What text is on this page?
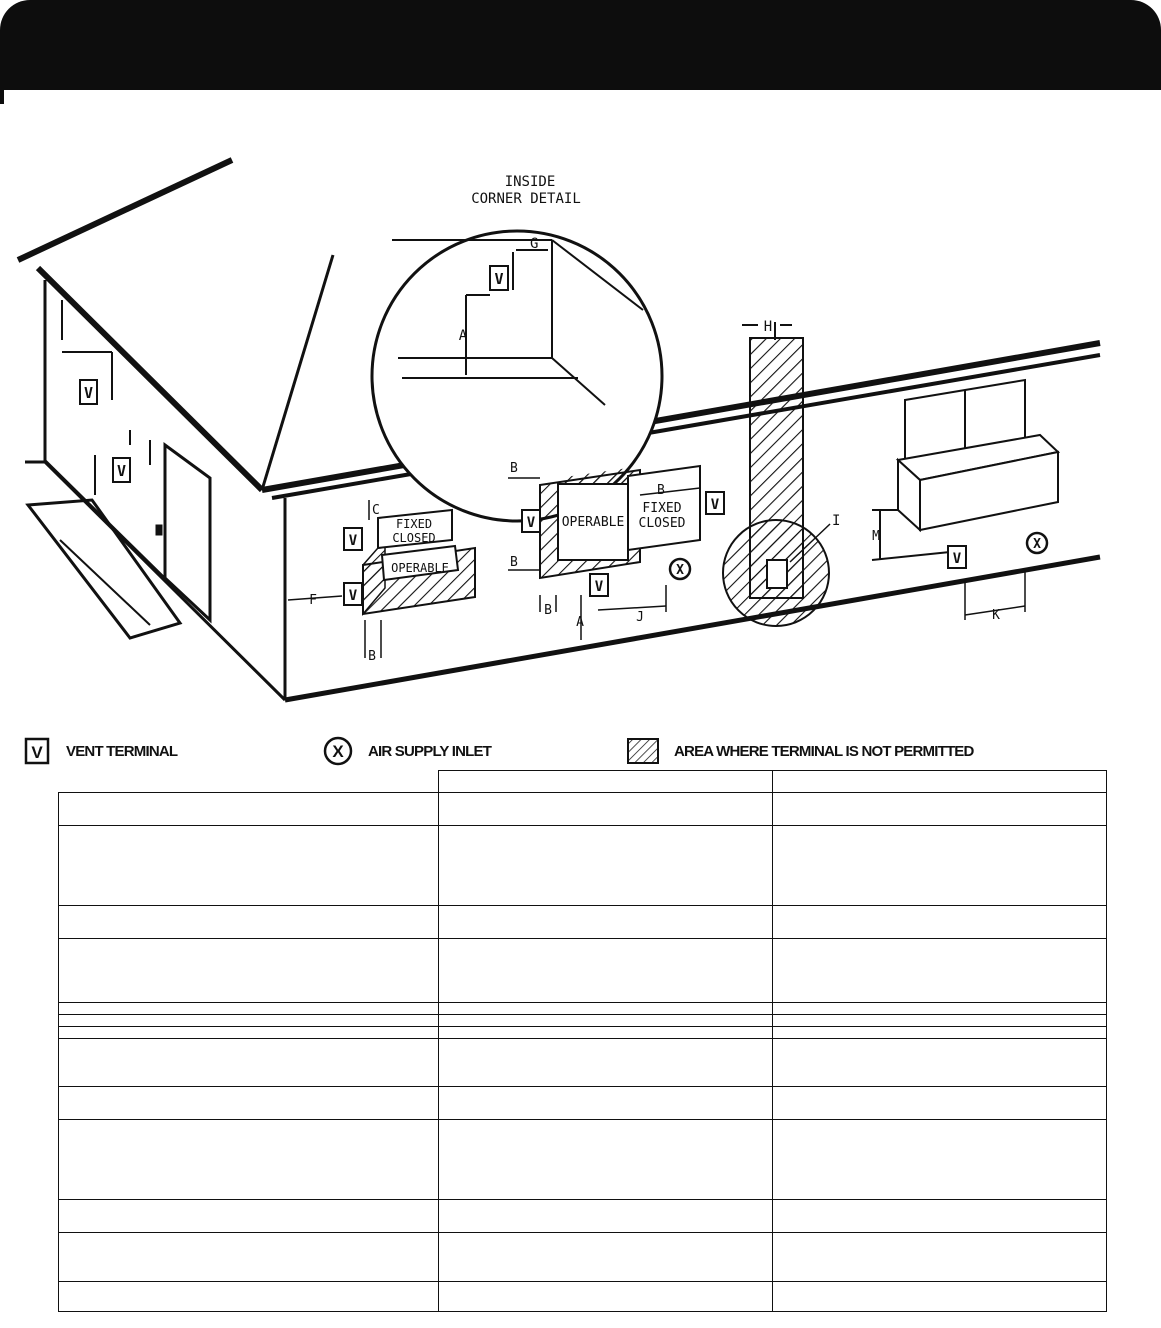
V
V
V
A
G
INSIDE
CORNER DETAIL
H
I
FIXED
CLOSED
OPERABLE
C
B
F
V
V
OPERABLE
FIXED
CLOSED
B
B
B
B
A	J
V
V
V
X
M
V
X
K
V VENT TERMINAL	X AIR SUPPLY INLET	AREA WHERE TERMINAL IS NOT PERMITTED
